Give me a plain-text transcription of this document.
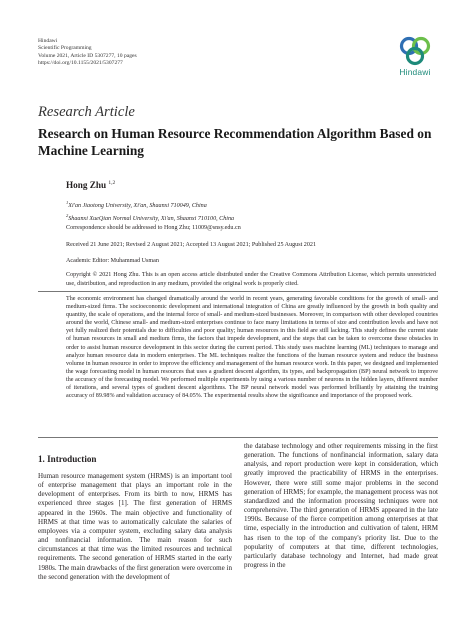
Hindawi
Scientific Programming
Volume 2021, Article ID 5307277, 10 pages
https://doi.org/10.1155/2021/5307277
Hindawi
Research Article
Research on Human Resource Recommendation Algorithm Based on Machine Learning
Hong Zhu $^{1,2}$
$^1$Xi'an Jiaotong University, Xi'an, Shaanxi 710049, China
$^2$Shaanxi XueQian Normal University, Xi'an, Shaanxi 710100, China
Correspondence should be addressed to Hong Zhu; 11009@snsy.edu.cn
Received 21 June 2021; Revised 2 August 2021; Accepted 13 August 2021; Published 25 August 2021
Academic Editor: Muhammad Usman
Copyright © 2021 Hong Zhu. This is an open access article distributed under the Creative Commons Attribution License, which permits unrestricted use, distribution, and reproduction in any medium, provided the original work is properly cited.
The economic environment has changed dramatically around the world in recent years, generating favorable conditions for the growth of small- and medium-sized firms. The socioeconomic development and international integration of China are greatly influenced by the growth in both quality and quantity, the scale of operations, and the internal force of small- and medium-sized businesses. Moreover, in comparison with other developed countries around the world, Chinese small- and medium-sized enterprises continue to face many limitations in terms of size and contribution levels and have not yet fully realized their potentials due to difficulties and poor quality; human resources in this field are still lacking. This study defines the current state of human resources in small and medium firms, the factors that impede development, and the steps that can be taken to overcome these obstacles in order to assist human resource development in this sector during the current period. This study uses machine learning (ML) techniques to manage and analyze human resource data in modern enterprises. The ML techniques realize the functions of the human resource system and reduce the business volume in human resource in order to improve the efficiency and management of the human resource work. In this paper, we designed and implemented the wage forecasting model in human resources that uses a gradient descent algorithm, its types, and backpropagation (BP) neural network to improve the accuracy of the forecasting model. We performed multiple experiments by using a various number of neurons in the hidden layers, different number of iterations, and several types of gradient descent algorithms. The BP neural network model was performed brilliantly by attaining the training accuracy of 89.98% and validation accuracy of 84.05%. The experimental results show the significance and importance of the proposed work.
1. Introduction

Human resource management system (HRMS) is an important tool of enterprise management that plays an important role in the development of enterprises. From its birth to now, HRMS has experienced three stages [1]. The first generation of HRMS appeared in the 1960s. The main objective and functionality of HRMS at that time was to automatically calculate the salaries of employees via a computer system, excluding salary data analysis and nonfinancial information. The main reason for such circumstances at that time was the limited resources and technical requirements. The second generation of HRMS started in the early 1980s. The main drawbacks of the first generation were overcome in the second generation with the development of

the database technology and other requirements missing in the first generation. The functions of nonfinancial information, salary data analysis, and report production were kept in consideration, which greatly improved the practicability of HRMS in the enterprises. However, there were still some major problems in the second generation of HRMS; for example, the management process was not standardized and the information processing techniques were not comprehensive. The third generation of HRMS appeared in the late 1990s. Because of the fierce competition among enterprises at that time, especially in the introduction and cultivation of talent, HRM has risen to the top of the company's priority list. Due to the popularity of computers at that time, different technologies, particularly database technology and Internet, had made great progress in the
